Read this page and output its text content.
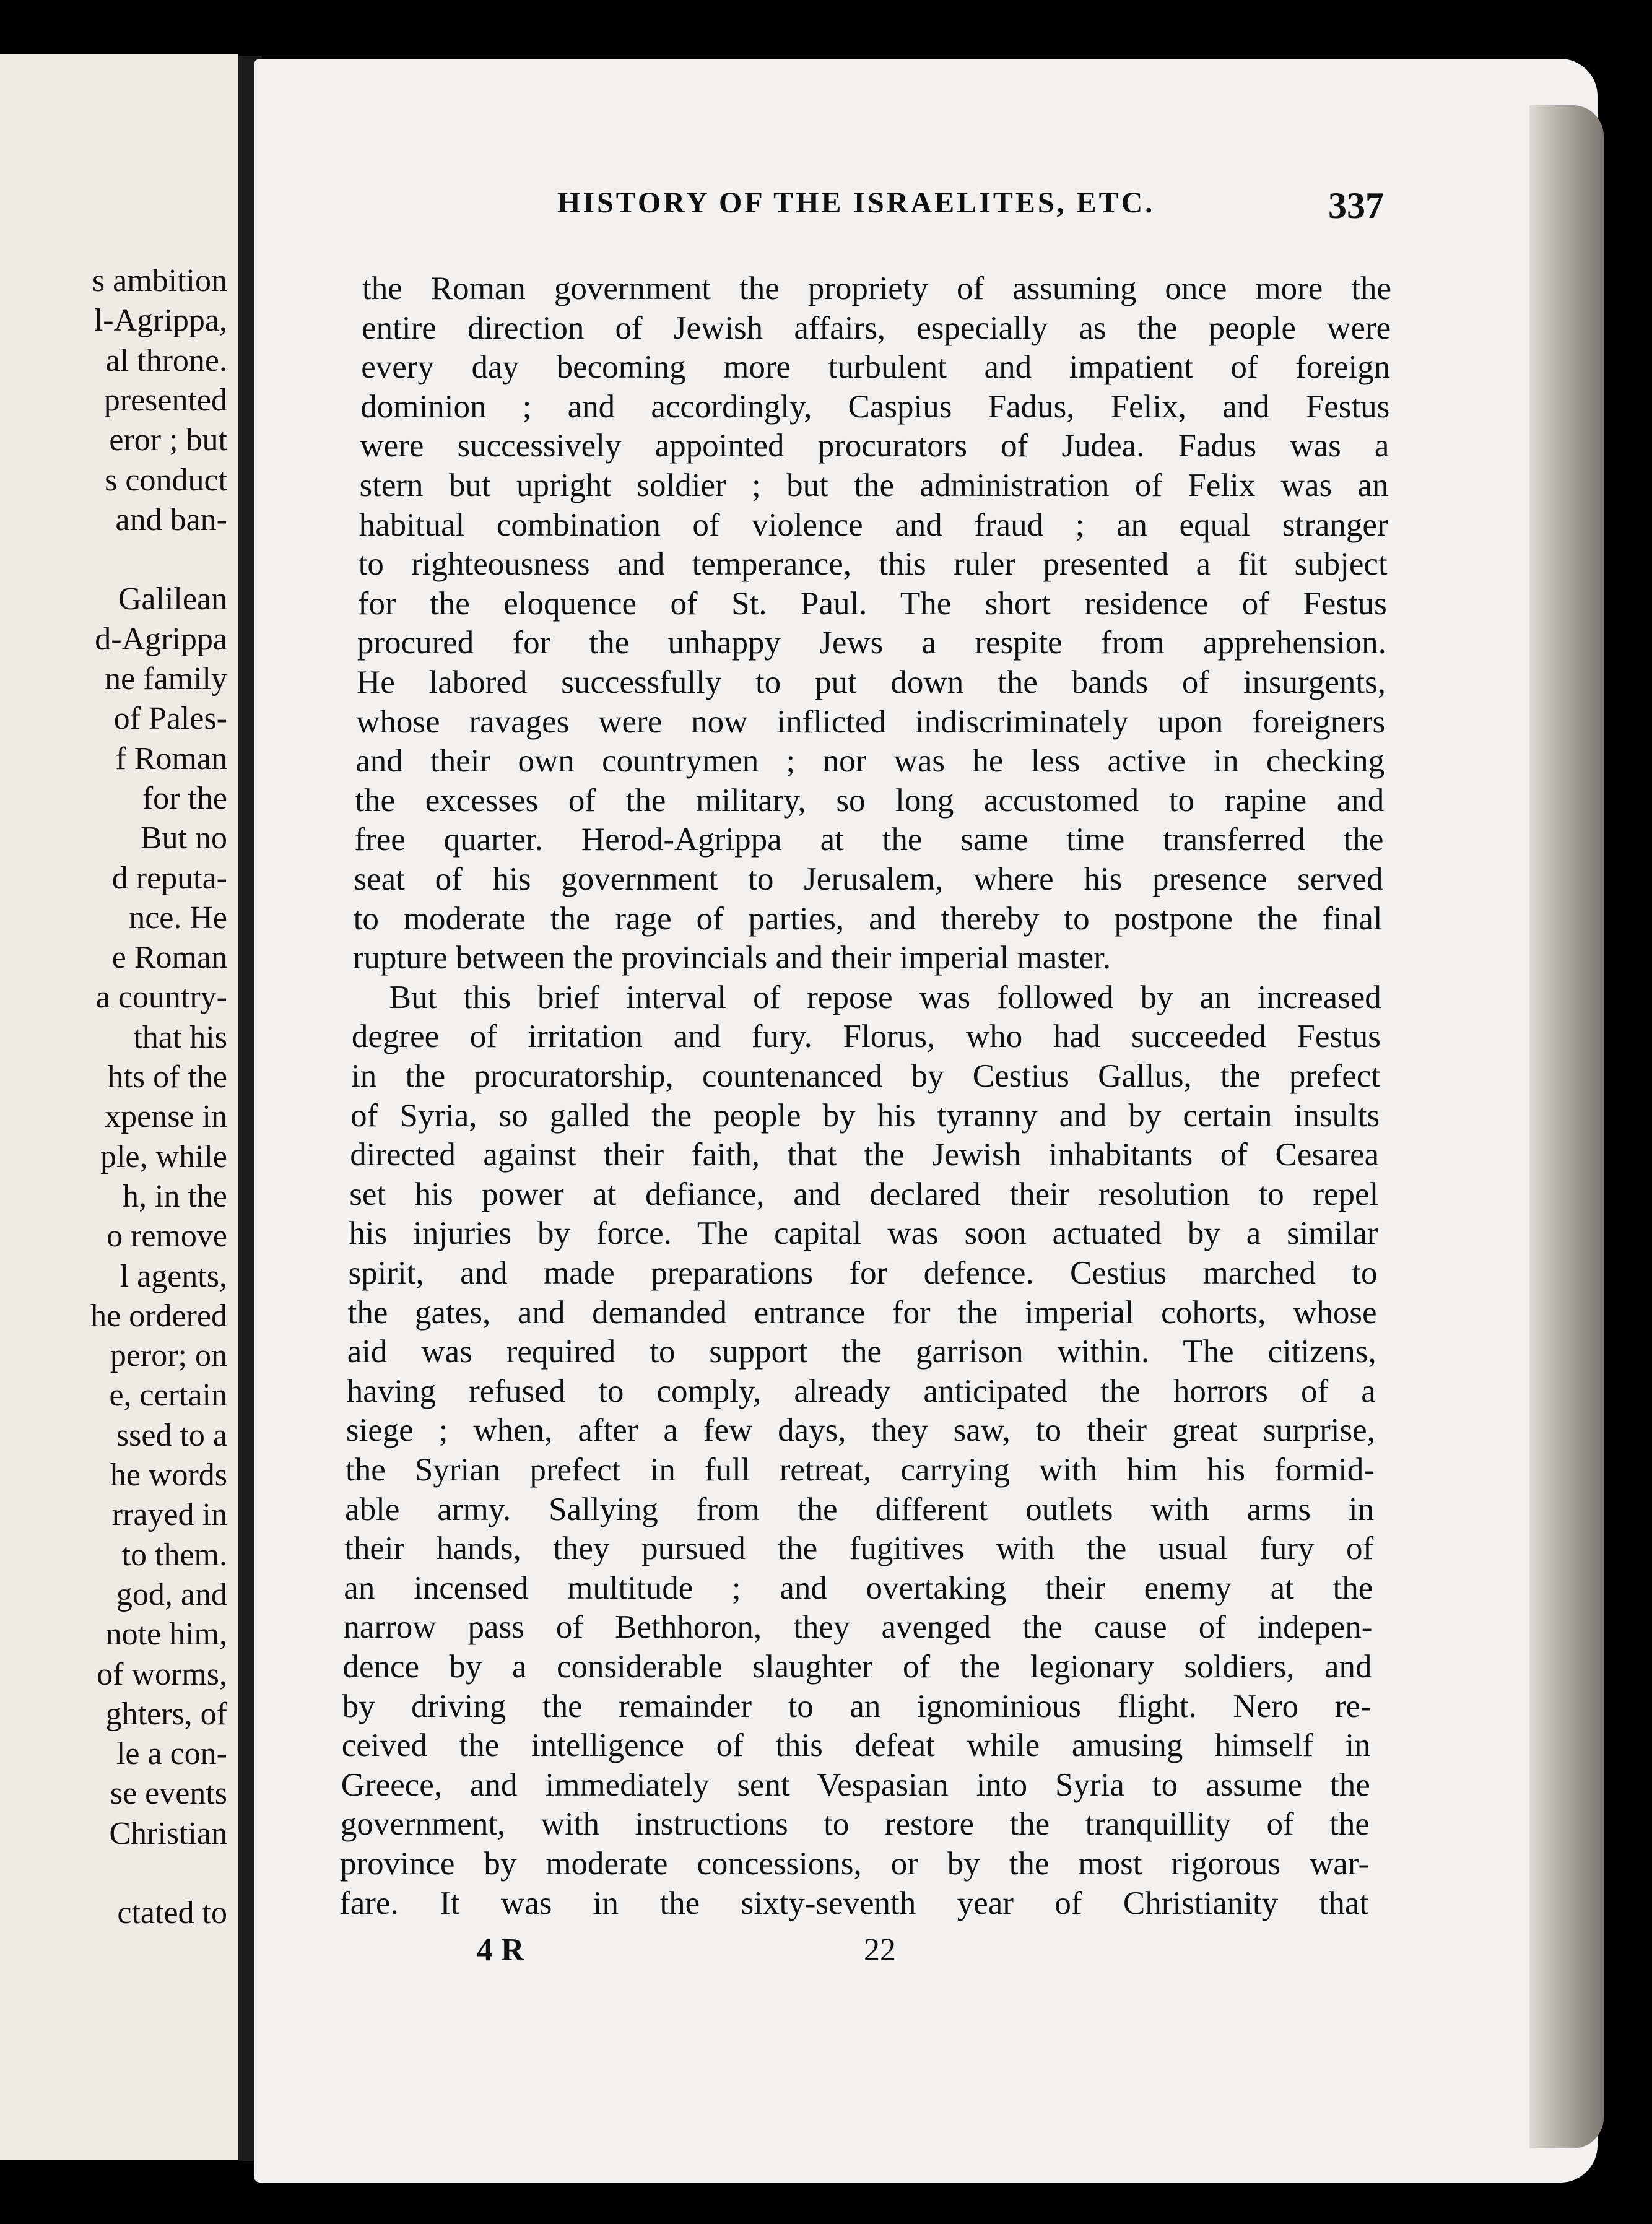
s ambition
l-Agrippa,
al throne.
presented
eror ; but
s conduct
and ban-
Galilean
d-Agrippa
ne family
of Pales-
f Roman
for the
But no
d reputa-
nce. He
e Roman
a country-
that his
hts of the
xpense in
ple, while
h, in the
o remove
l agents,
he ordered
peror; on
e, certain
ssed to a
he words
rrayed in
to them.
god, and
note him,
of worms,
ghters, of
le a con-
se events
Christian
ctated to
HISTORY OF THE ISRAELITES, ETC.	337
4 R	22
the Roman government the propriety of assuming once more the
entire direction of Jewish affairs, especially as the people were
every day becoming more turbulent and impatient of foreign
dominion ; and accordingly, Caspius Fadus, Felix, and Festus
were successively appointed procurators of Judea. Fadus was a
stern but upright soldier ; but the administration of Felix was an
habitual combination of violence and fraud ; an equal stranger
to righteousness and temperance, this ruler presented a fit subject
for the eloquence of St. Paul. The short residence of Festus
procured for the unhappy Jews a respite from apprehension.
He labored successfully to put down the bands of insurgents,
whose ravages were now inflicted indiscriminately upon foreigners
and their own countrymen ; nor was he less active in checking
the excesses of the military, so long accustomed to rapine and
free quarter. Herod-Agrippa at the same time transferred the
seat of his government to Jerusalem, where his presence served
to moderate the rage of parties, and thereby to postpone the final
rupture between the provincials and their imperial master.
But this brief interval of repose was followed by an increased
degree of irritation and fury. Florus, who had succeeded Festus
in the procuratorship, countenanced by Cestius Gallus, the prefect
of Syria, so galled the people by his tyranny and by certain insults
directed against their faith, that the Jewish inhabitants of Cesarea
set his power at defiance, and declared their resolution to repel
his injuries by force. The capital was soon actuated by a similar
spirit, and made preparations for defence. Cestius marched to
the gates, and demanded entrance for the imperial cohorts, whose
aid was required to support the garrison within. The citizens,
having refused to comply, already anticipated the horrors of a
siege ; when, after a few days, they saw, to their great surprise,
the Syrian prefect in full retreat, carrying with him his formid-
able army. Sallying from the different outlets with arms in
their hands, they pursued the fugitives with the usual fury of
an incensed multitude ; and overtaking their enemy at the
narrow pass of Bethhoron, they avenged the cause of indepen-
dence by a considerable slaughter of the legionary soldiers, and
by driving the remainder to an ignominious flight. Nero re-
ceived the intelligence of this defeat while amusing himself in
Greece, and immediately sent Vespasian into Syria to assume the
government, with instructions to restore the tranquillity of the
province by moderate concessions, or by the most rigorous war-
fare. It was in the sixty-seventh year of Christianity that
